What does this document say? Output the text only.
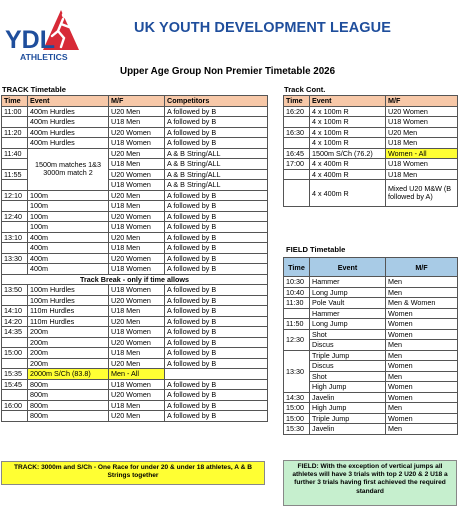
YDL
ATHLETICS
UK YOUTH DEVELOPMENT LEAGUE
Upper Age Group Non Premier Timetable 2026
TRACK Timetable	Track Cont.
Time	Event	M/F	Competitors
11:00	400m Hurdles	U20 Men	A followed by B
	400m Hurdles	U18 Men	A followed by B
11:20	400m Hurdles	U20 Women	A followed by B
	400m Hurdles	U18 Women	A followed by B
11:40	1500m matches 1&3
3000m match 2	U20 Men	A & B String/ALL
		U18 Men	A & B String/ALL
11:55		U20 Women	A & B String/ALL
		U18 Women	A & B String/ALL
12:10	100m	U20 Men	A followed by B
	100m	U18 Men	A followed by B
12:40	100m	U20 Women	A followed by B
	100m	U18 Women	A followed by B
13:10	400m	U20 Men	A followed by B
	400m	U18 Men	A followed by B
13:30	400m	U20 Women	A followed by B
	400m	U18 Women	A followed by B
Track Break - only if time allows			
13:50	100m Hurdles	U18 Women	A followed by B
	100m Hurdles	U20 Women	A followed by B
14:10	110m Hurdles	U18 Men	A followed by B
14:20	110m Hurdles	U20 Men	A followed by B
14:35	200m	U18 Women	A followed by B
	200m	U20 Women	A followed by B
15:00	200m	U18 Men	A followed by B
	200m	U20 Men	A followed by B
15:35	2000m S/Ch (83.8)	Men - All	
15:45	800m	U18 Women	A followed by B
	800m	U20 Women	A followed by B
16:00	800m	U18 Men	A followed by B
	800m	U20 Men	A followed by B
Time	Event	M/F
16:20	4 x 100m R	U20 Women
	4 x 100m R	U18 Women
16:30	4 x 100m R	U20 Men
	4 x 100m R	U18 Men
16:45	1500m S/Ch (76.2)	Women - All
17:00	4 x 400m R	U18 Women
	4 x 400m R	U18 Men
	4 x 400m R	Mixed U20 M&W (B followed by A)
FIELD Timetable
Time	Event	M/F
10:30	Hammer	Men
10:40	Long Jump	Men
11:30	Pole Vault	Men & Women
	Hammer	Women
11:50	Long Jump	Women
12:30	Shot	Women
	Discus	Men
13:30	Triple Jump	Men
	Discus	Women
	Shot	Men
	High Jump	Women
14:30	Javelin	Women
15:00	High Jump	Men
15:00	Triple Jump	Women
15:30	Javelin	Men
TRACK: 3000m and S/Ch - One Race for under 20 & under 18 athletes, A & B Strings together
FIELD: With the exception of vertical jumps all athletes will have 3 trials with top 2 U20 & 2 U18 a further 3 trials having first achieved the required standard
